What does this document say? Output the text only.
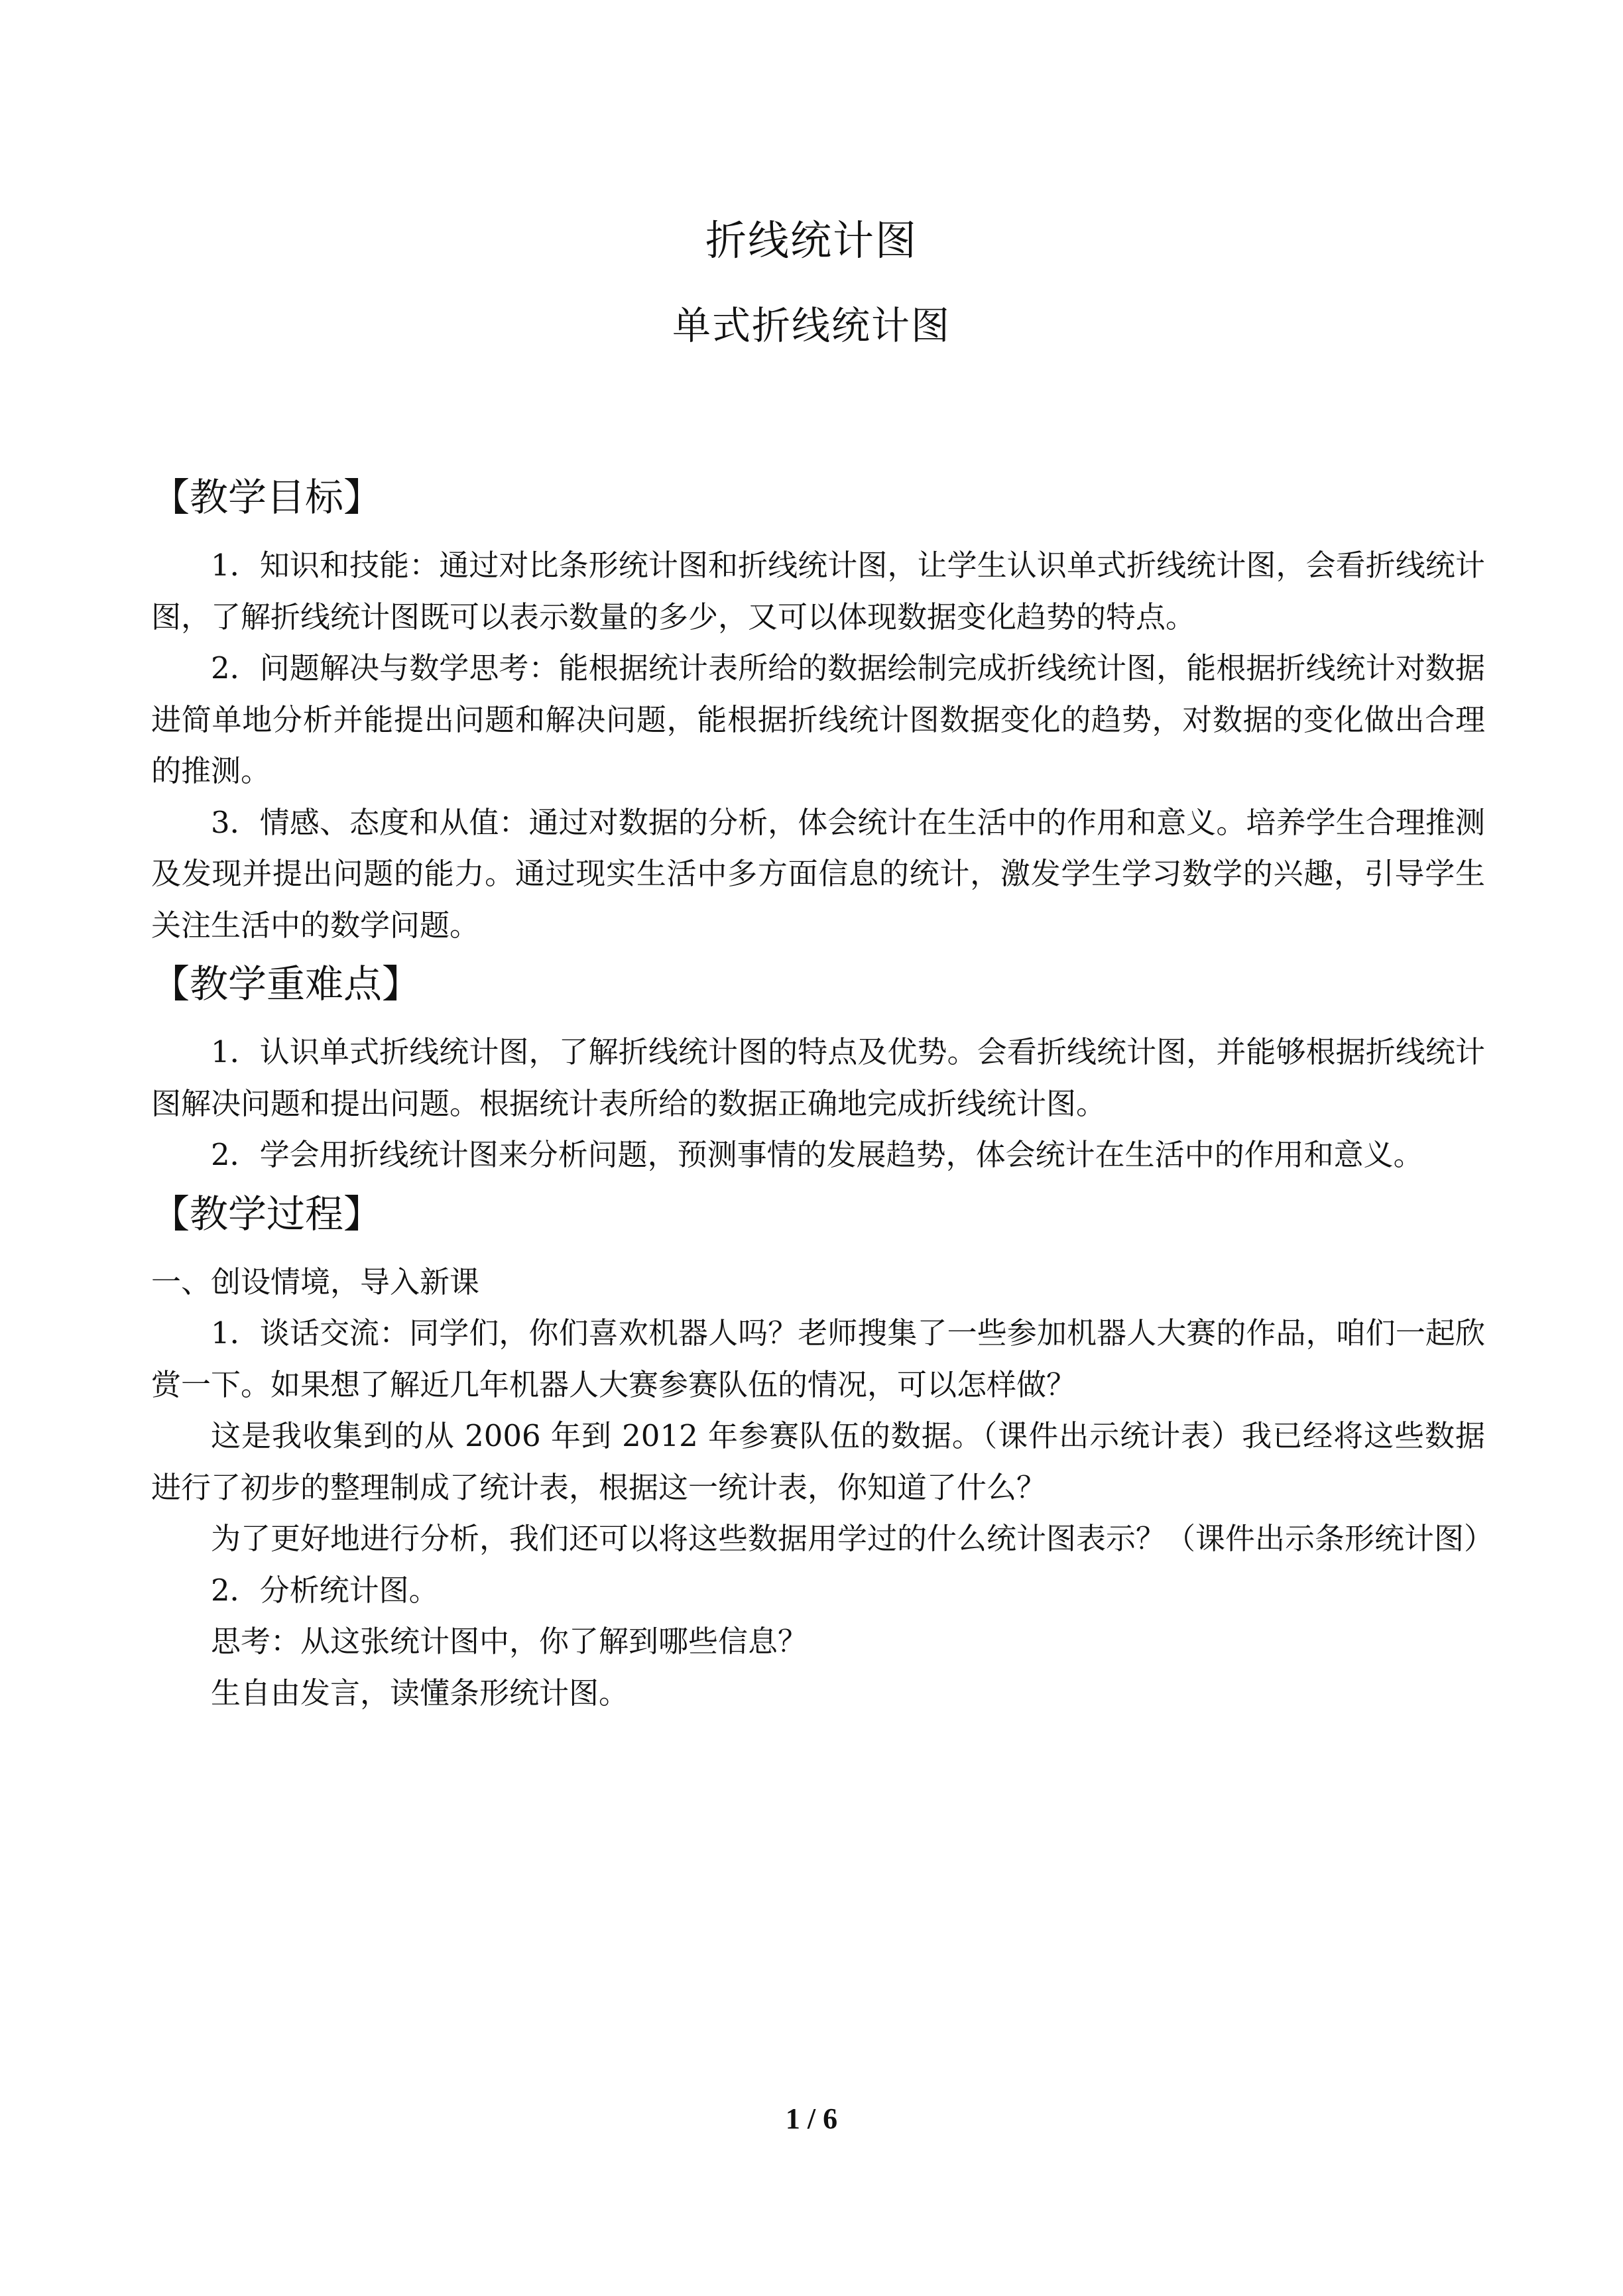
折线统计图
单式折线统计图
【教学目标】

1．知识和技能：通过对比条形统计图和折线统计图，让学生认识单式折线统计图，会看折线统计图，了解折线统计图既可以表示数量的多少，又可以体现数据变化趋势的特点。

2．问题解决与数学思考：能根据统计表所给的数据绘制完成折线统计图，能根据折线统计对数据进简单地分析并能提出问题和解决问题，能根据折线统计图数据变化的趋势，对数据的变化做出合理的推测。

3．情感、态度和从值：通过对数据的分析，体会统计在生活中的作用和意义。培养学生合理推测及发现并提出问题的能力。通过现实生活中多方面信息的统计，激发学生学习数学的兴趣，引导学生关注生活中的数学问题。

【教学重难点】

1．认识单式折线统计图，了解折线统计图的特点及优势。会看折线统计图，并能够根据折线统计图解决问题和提出问题。根据统计表所给的数据正确地完成折线统计图。

2．学会用折线统计图来分析问题，预测事情的发展趋势，体会统计在生活中的作用和意义。

【教学过程】

一、创设情境，导入新课

1．谈话交流：同学们，你们喜欢机器人吗？老师搜集了一些参加机器人大赛的作品，咱们一起欣赏一下。如果想了解近几年机器人大赛参赛队伍的情况，可以怎样做？

这是我收集到的从 2006 年到 2012 年参赛队伍的数据。（课件出示统计表）我已经将这些数据进行了初步的整理制成了统计表，根据这一统计表，你知道了什么？

为了更好地进行分析，我们还可以将这些数据用学过的什么统计图表示？（课件出示条形统计图）

2．分析统计图。

思考：从这张统计图中，你了解到哪些信息？

生自由发言，读懂条形统计图。

1 / 6
